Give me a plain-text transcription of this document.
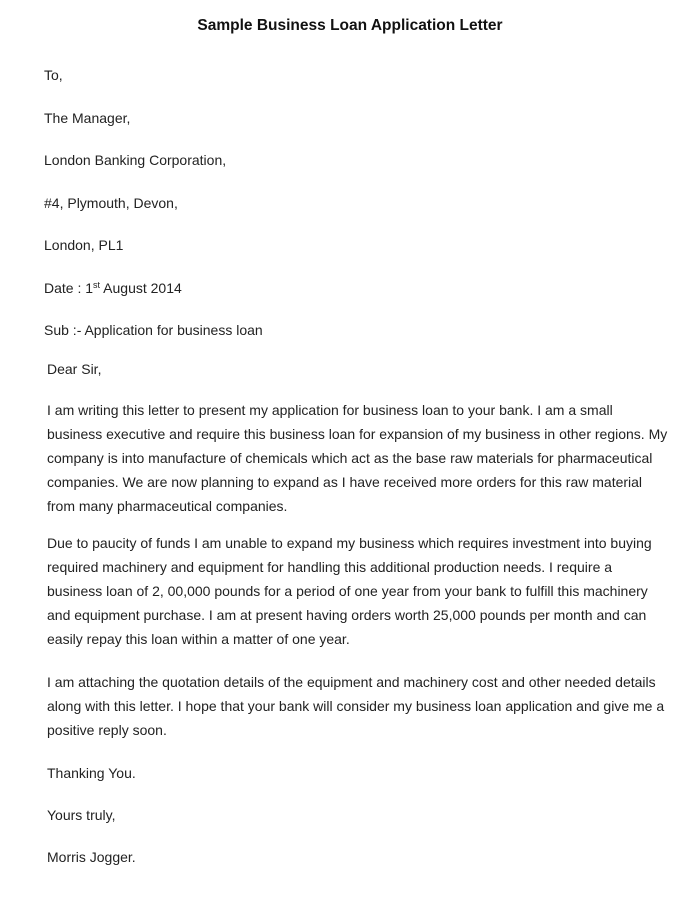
Sample Business Loan Application Letter
To,
The Manager,
London Banking Corporation,
#4, Plymouth, Devon,
London, PL1
Date : 1st August 2014
Sub :- Application for business loan
Dear Sir,

I am writing this letter to present my application for business loan to your bank. I am a small

business executive and require this business loan for expansion of my business in other regions. My

company is into manufacture of chemicals which act as the base raw materials for pharmaceutical

companies. We are now planning to expand as I have received more orders for this raw material

from many pharmaceutical companies.

Due to paucity of funds I am unable to expand my business which requires investment into buying

required machinery and equipment for handling this additional production needs. I require a

business loan of 2, 00,000 pounds for a period of one year from your bank to fulfill this machinery

and equipment purchase. I am at present having orders worth 25,000 pounds per month and can

easily repay this loan within a matter of one year.

I am attaching the quotation details of the equipment and machinery cost and other needed details

along with this letter. I hope that your bank will consider my business loan application and give me a

positive reply soon.

Thanking You.
Yours truly,
Morris Jogger.
